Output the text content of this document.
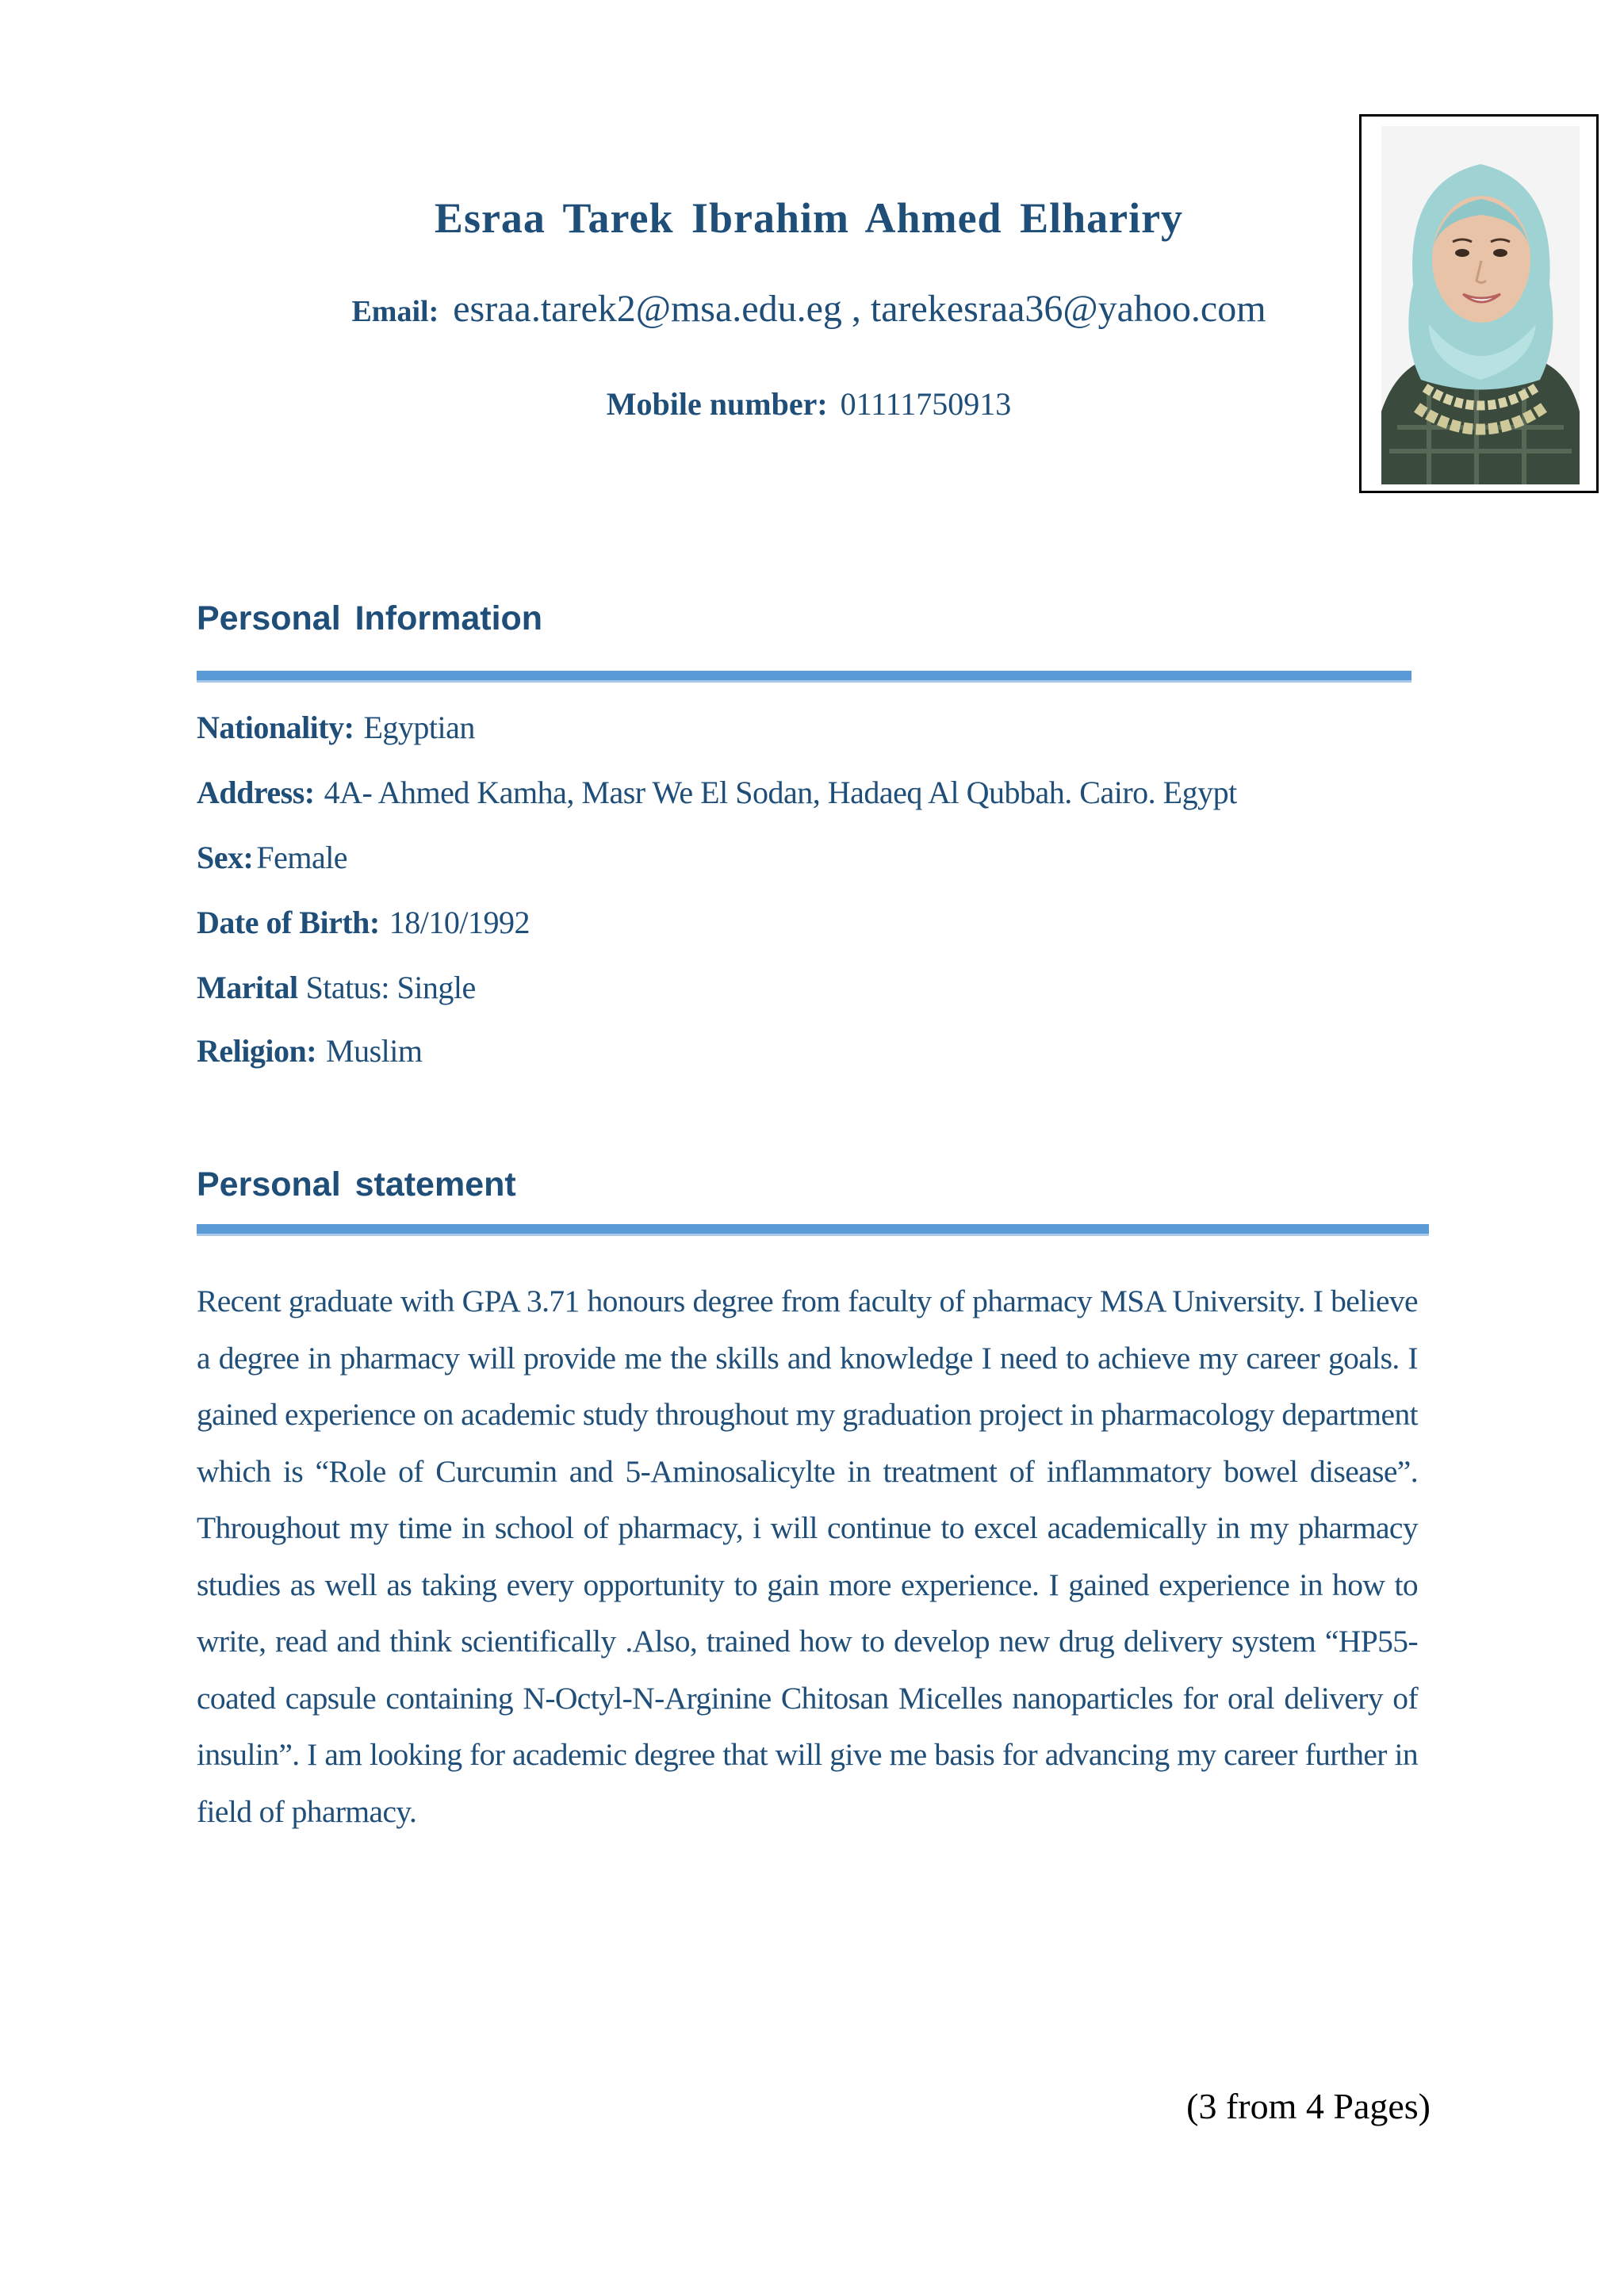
Esraa Tarek Ibrahim Ahmed Elhariry
Email: esraa.tarek2@msa.edu.eg , tarekesraa36@yahoo.com
Mobile number: 01111750913
Personal Information
Nationality: Egyptian
Address: 4A- Ahmed Kamha, Masr We El Sodan, Hadaeq Al Qubbah. Cairo. Egypt
Sex: Female
Date of Birth: 18/10/1992
Marital Status: Single
Religion: Muslim
Personal statement
Recent graduate with GPA 3.71 honours degree from faculty of pharmacy MSA University. I believe a degree in pharmacy will provide me the skills and knowledge I need to achieve my career goals. I gained experience on academic study throughout my graduation project in pharmacology department which is “Role of Curcumin and 5-Aminosalicylte in treatment of inflammatory bowel disease”. Throughout my time in school of pharmacy, i will continue to excel academically in my pharmacy studies as well as taking every opportunity to gain more experience. I gained experience in how to write, read and think scientifically .Also, trained how to develop new drug delivery system “HP55-coated capsule containing N-Octyl-N-Arginine Chitosan Micelles nanoparticles for oral delivery of insulin”. I am looking for academic degree that will give me basis for advancing my career further in field of pharmacy.
(3 from 4 Pages)
